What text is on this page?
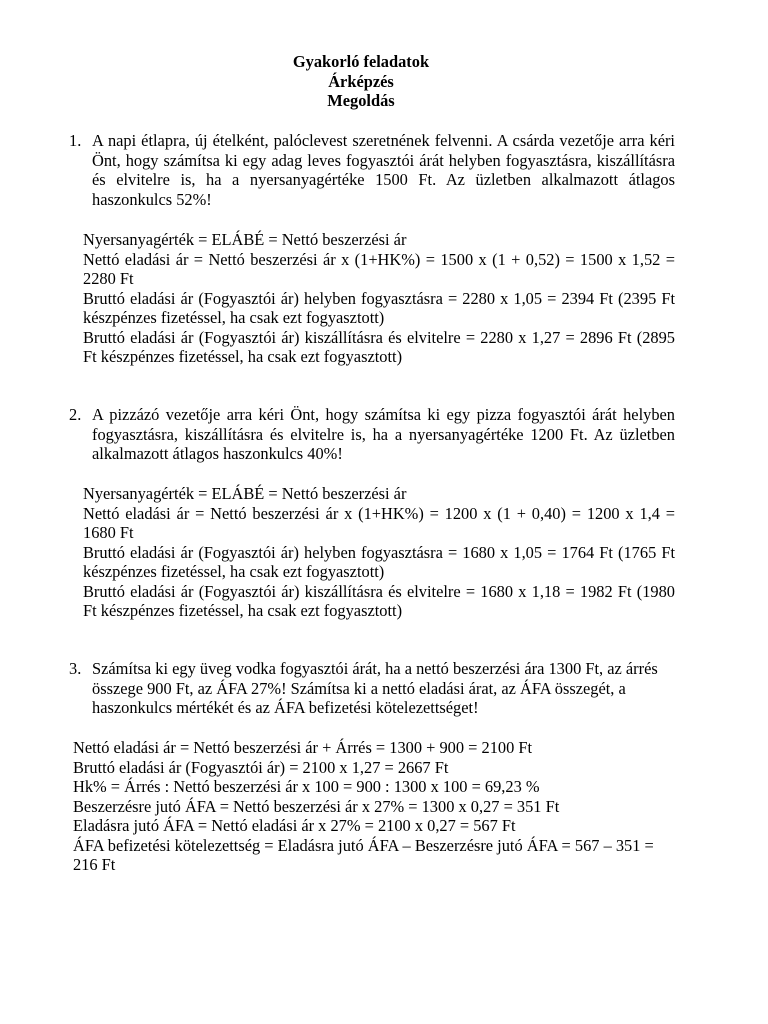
Gyakorló feladatok
Árképzés
Megoldás
1. A napi étlapra, új ételként, palóclevest szeretnének felvenni. A csárda vezetője arra kéri Önt, hogy számítsa ki egy adag leves fogyasztói árát helyben fogyasztásra, kiszállításra és elvitelre is, ha a nyersanyagértéke 1500 Ft. Az üzletben alkalmazott átlagos haszonkulcs 52%!

Nyersanyagérték = ELÁBÉ = Nettó beszerzési ár

Nettó eladási ár = Nettó beszerzési ár x (1+HK%) = 1500 x (1 + 0,52) = 1500 x 1,52 = 2280 Ft

Bruttó eladási ár (Fogyasztói ár) helyben fogyasztásra = 2280 x 1,05 = 2394 Ft (2395 Ft készpénzes fizetéssel, ha csak ezt fogyasztott)

Bruttó eladási ár (Fogyasztói ár) kiszállításra és elvitelre = 2280 x 1,27 = 2896 Ft (2895 Ft készpénzes fizetéssel, ha csak ezt fogyasztott)

2. A pizzázó vezetője arra kéri Önt, hogy számítsa ki egy pizza fogyasztói árát helyben fogyasztásra, kiszállításra és elvitelre is, ha a nyersanyagértéke 1200 Ft. Az üzletben alkalmazott átlagos haszonkulcs 40%!

Nyersanyagérték = ELÁBÉ = Nettó beszerzési ár

Nettó eladási ár = Nettó beszerzési ár x (1+HK%) = 1200 x (1 + 0,40) = 1200 x 1,4 = 1680 Ft

Bruttó eladási ár (Fogyasztói ár) helyben fogyasztásra = 1680 x 1,05 = 1764 Ft (1765 Ft készpénzes fizetéssel, ha csak ezt fogyasztott)

Bruttó eladási ár (Fogyasztói ár) kiszállításra és elvitelre = 1680 x 1,18 = 1982 Ft (1980 Ft készpénzes fizetéssel, ha csak ezt fogyasztott)

3. Számítsa ki egy üveg vodka fogyasztói árát, ha a nettó beszerzési ára 1300 Ft, az árrés összege 900 Ft, az ÁFA 27%! Számítsa ki a nettó eladási árat, az ÁFA összegét, a haszonkulcs mértékét és az ÁFA befizetési kötelezettséget!

Nettó eladási ár = Nettó beszerzési ár + Árrés = 1300 + 900 = 2100 Ft

Bruttó eladási ár (Fogyasztói ár) = 2100 x 1,27 = 2667 Ft

Hk% = Árrés : Nettó beszerzési ár x 100 = 900 : 1300 x 100 = 69,23 %

Beszerzésre jutó ÁFA = Nettó beszerzési ár x 27% = 1300 x 0,27 = 351 Ft

Eladásra jutó ÁFA = Nettó eladási ár x 27% = 2100 x 0,27 = 567 Ft

ÁFA befizetési kötelezettség = Eladásra jutó ÁFA – Beszerzésre jutó ÁFA = 567 – 351 = 216 Ft
